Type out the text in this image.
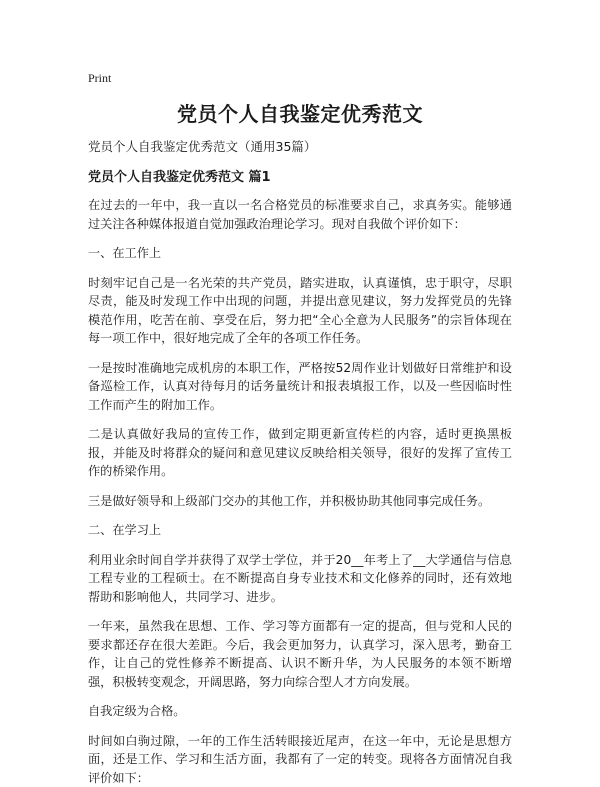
Print
党员个人自我鉴定优秀范文
党员个人自我鉴定优秀范文（通用35篇）
党员个人自我鉴定优秀范文 篇1
在过去的一年中，我一直以一名合格党员的标准要求自己，求真务实。能够通过关注各种媒体报道自觉加强政治理论学习。现对自我做个评价如下：
一、在工作上
时刻牢记自己是一名光荣的共产党员，踏实进取，认真谨慎，忠于职守，尽职尽责，能及时发现工作中出现的问题，并提出意见建议，努力发挥党员的先锋模范作用，吃苦在前、享受在后，努力把“全心全意为人民服务”的宗旨体现在每一项工作中，很好地完成了全年的各项工作任务。
一是按时准确地完成机房的本职工作，严格按52周作业计划做好日常维护和设备巡检工作，认真对待每月的话务量统计和报表填报工作，以及一些因临时性工作而产生的附加工作。
二是认真做好我局的宣传工作，做到定期更新宣传栏的内容，适时更换黑板报，并能及时将群众的疑问和意见建议反映给相关领导，很好的发挥了宣传工作的桥梁作用。
三是做好领导和上级部门交办的其他工作，并积极协助其他同事完成任务。
二、在学习上
利用业余时间自学并获得了双学士学位，并于20__年考上了__大学通信与信息工程专业的工程硕士。在不断提高自身专业技术和文化修养的同时，还有效地帮助和影响他人，共同学习、进步。
一年来，虽然我在思想、工作、学习等方面都有一定的提高，但与党和人民的要求都还存在很大差距。今后，我会更加努力，认真学习，深入思考，勤奋工作，让自己的党性修养不断提高、认识不断升华，为人民服务的本领不断增强，积极转变观念，开阔思路，努力向综合型人才方向发展。
自我定级为合格。
时间如白驹过隙，一年的工作生活转眼接近尾声，在这一年中，无论是思想方面，还是工作、学习和生活方面，我都有了一定的转变。现将各方面情况自我评价如下：
